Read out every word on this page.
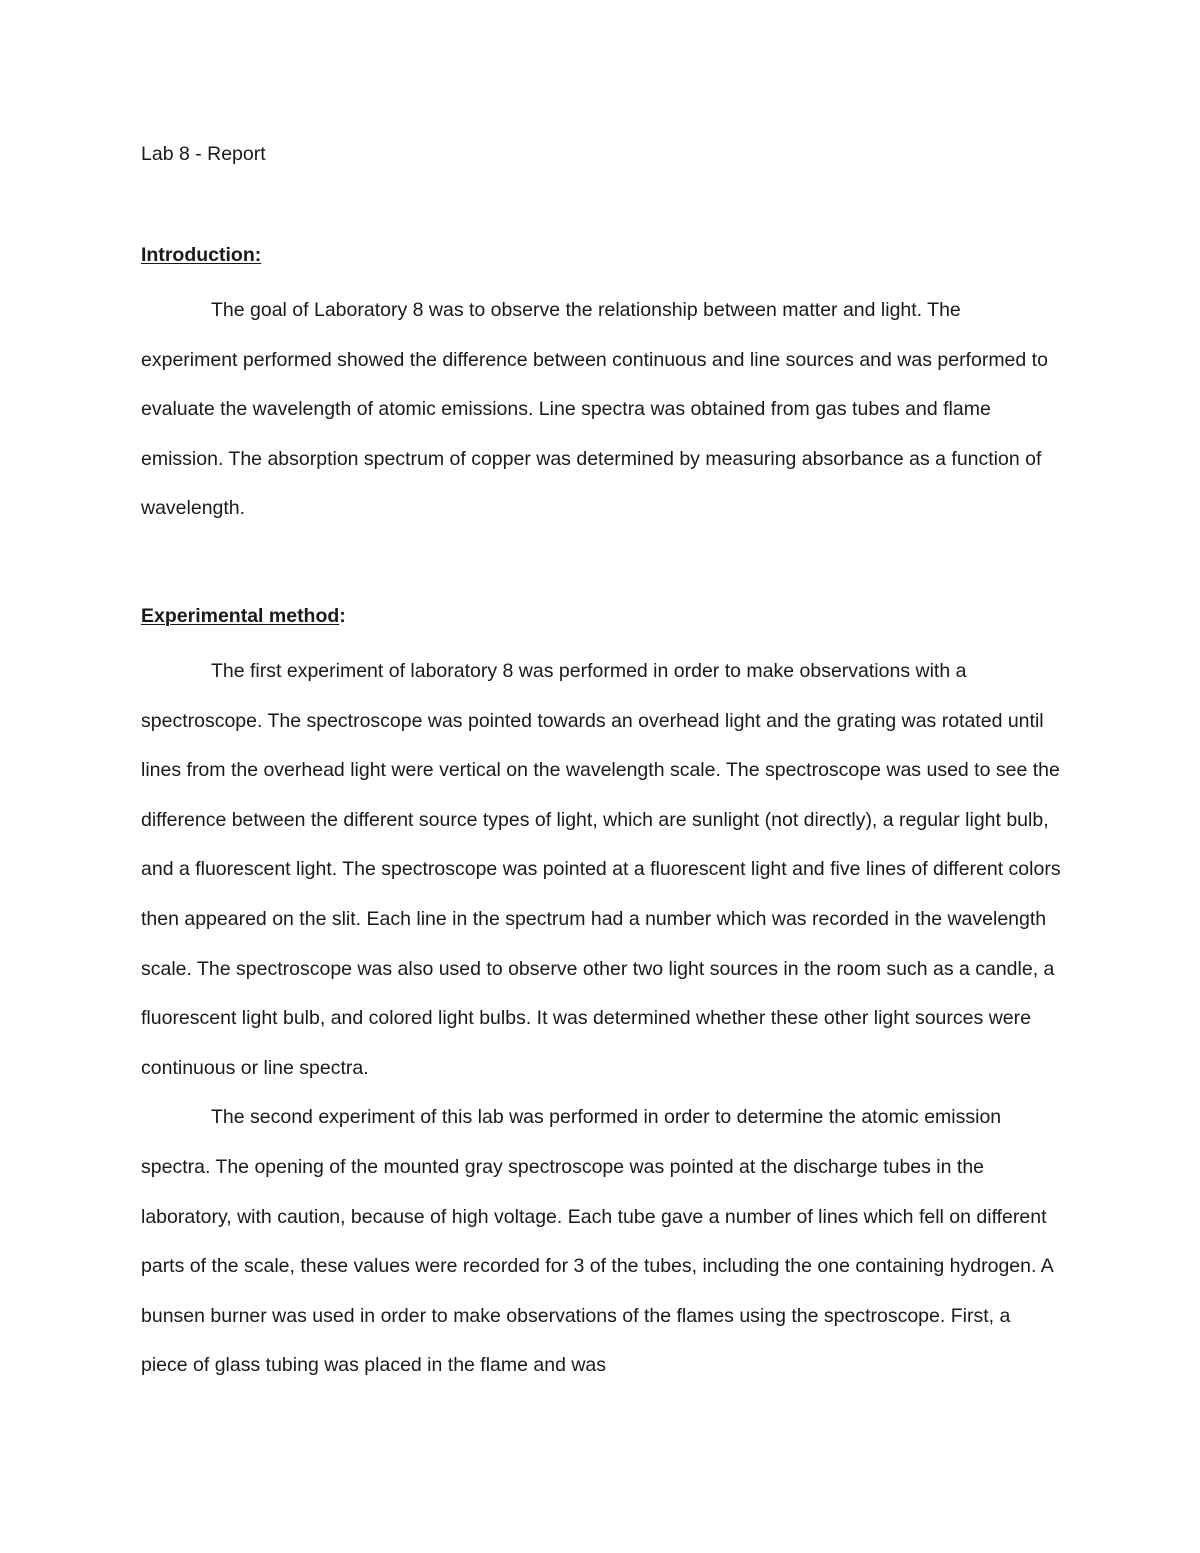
Lab 8 - Report
Introduction:

The goal of Laboratory 8 was to observe the relationship between matter and light. The experiment performed showed the difference between continuous and line sources and was performed to evaluate the wavelength of atomic emissions. Line spectra was obtained from gas tubes and flame emission. The absorption spectrum of copper was determined by measuring absorbance as a function of wavelength.

Experimental method:

The first experiment of laboratory 8 was performed in order to make observations with a spectroscope. The spectroscope was pointed towards an overhead light and the grating was rotated until lines from the overhead light were vertical on the wavelength scale. The spectroscope was used to see the difference between the different source types of light, which are sunlight (not directly), a regular light bulb, and a fluorescent light. The spectroscope was pointed at a fluorescent light and five lines of different colors then appeared on the slit. Each line in the spectrum had a number which was recorded in the wavelength scale. The spectroscope was also used to observe other two light sources in the room such as a candle, a fluorescent light bulb, and colored light bulbs. It was determined whether these other light sources were continuous or line spectra.

The second experiment of this lab was performed in order to determine the atomic emission spectra. The opening of the mounted gray spectroscope was pointed at the discharge tubes in the laboratory, with caution, because of high voltage. Each tube gave a number of lines which fell on different parts of the scale, these values were recorded for 3 of the tubes, including the one containing hydrogen. A bunsen burner was used in order to make observations of the flames using the spectroscope. First, a piece of glass tubing was placed in the flame and was
